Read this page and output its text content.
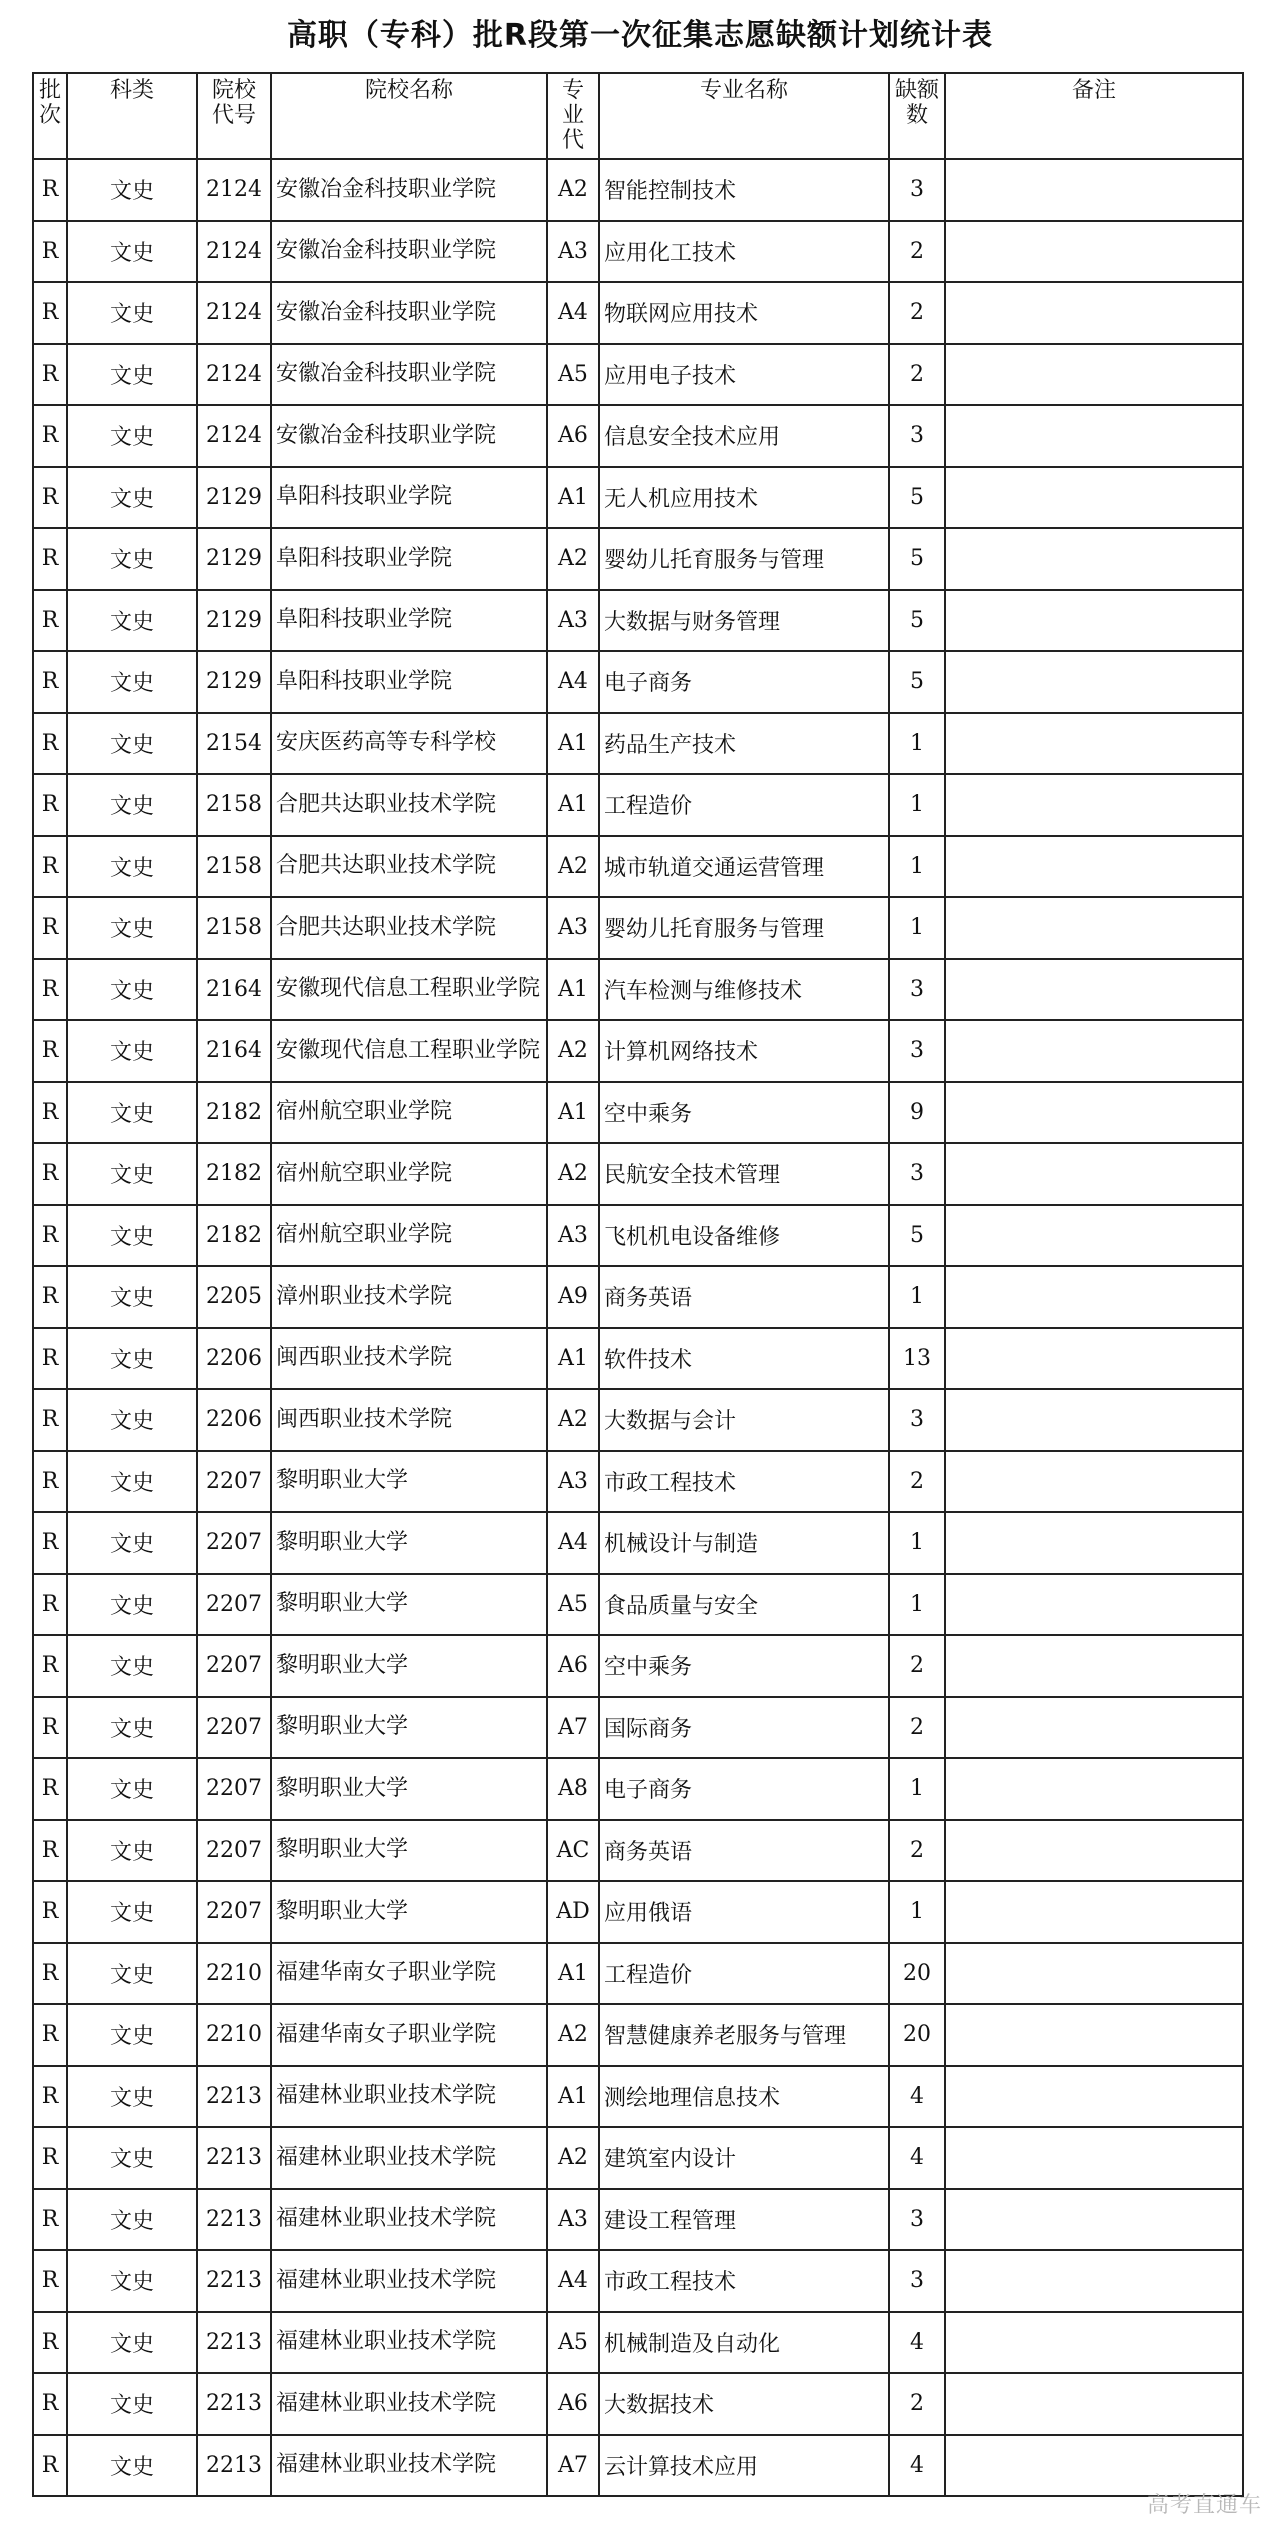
高职（专科）批R段第一次征集志愿缺额计划统计表
批次	科类	院校代号	院校名称	专业代	专业名称	缺额数	备注
R	文史	2124	安徽冶金科技职业学院	A2	智能控制技术	3	
R	文史	2124	安徽冶金科技职业学院	A3	应用化工技术	2	
R	文史	2124	安徽冶金科技职业学院	A4	物联网应用技术	2	
R	文史	2124	安徽冶金科技职业学院	A5	应用电子技术	2	
R	文史	2124	安徽冶金科技职业学院	A6	信息安全技术应用	3	
R	文史	2129	阜阳科技职业学院	A1	无人机应用技术	5	
R	文史	2129	阜阳科技职业学院	A2	婴幼儿托育服务与管理	5	
R	文史	2129	阜阳科技职业学院	A3	大数据与财务管理	5	
R	文史	2129	阜阳科技职业学院	A4	电子商务	5	
R	文史	2154	安庆医药高等专科学校	A1	药品生产技术	1	
R	文史	2158	合肥共达职业技术学院	A1	工程造价	1	
R	文史	2158	合肥共达职业技术学院	A2	城市轨道交通运营管理	1	
R	文史	2158	合肥共达职业技术学院	A3	婴幼儿托育服务与管理	1	
R	文史	2164	安徽现代信息工程职业学院	A1	汽车检测与维修技术	3	
R	文史	2164	安徽现代信息工程职业学院	A2	计算机网络技术	3	
R	文史	2182	宿州航空职业学院	A1	空中乘务	9	
R	文史	2182	宿州航空职业学院	A2	民航安全技术管理	3	
R	文史	2182	宿州航空职业学院	A3	飞机机电设备维修	5	
R	文史	2205	漳州职业技术学院	A9	商务英语	1	
R	文史	2206	闽西职业技术学院	A1	软件技术	13	
R	文史	2206	闽西职业技术学院	A2	大数据与会计	3	
R	文史	2207	黎明职业大学	A3	市政工程技术	2	
R	文史	2207	黎明职业大学	A4	机械设计与制造	1	
R	文史	2207	黎明职业大学	A5	食品质量与安全	1	
R	文史	2207	黎明职业大学	A6	空中乘务	2	
R	文史	2207	黎明职业大学	A7	国际商务	2	
R	文史	2207	黎明职业大学	A8	电子商务	1	
R	文史	2207	黎明职业大学	AC	商务英语	2	
R	文史	2207	黎明职业大学	AD	应用俄语	1	
R	文史	2210	福建华南女子职业学院	A1	工程造价	20	
R	文史	2210	福建华南女子职业学院	A2	智慧健康养老服务与管理	20	
R	文史	2213	福建林业职业技术学院	A1	测绘地理信息技术	4	
R	文史	2213	福建林业职业技术学院	A2	建筑室内设计	4	
R	文史	2213	福建林业职业技术学院	A3	建设工程管理	3	
R	文史	2213	福建林业职业技术学院	A4	市政工程技术	3	
R	文史	2213	福建林业职业技术学院	A5	机械制造及自动化	4	
R	文史	2213	福建林业职业技术学院	A6	大数据技术	2	
R	文史	2213	福建林业职业技术学院	A7	云计算技术应用	4	
高考直通车
